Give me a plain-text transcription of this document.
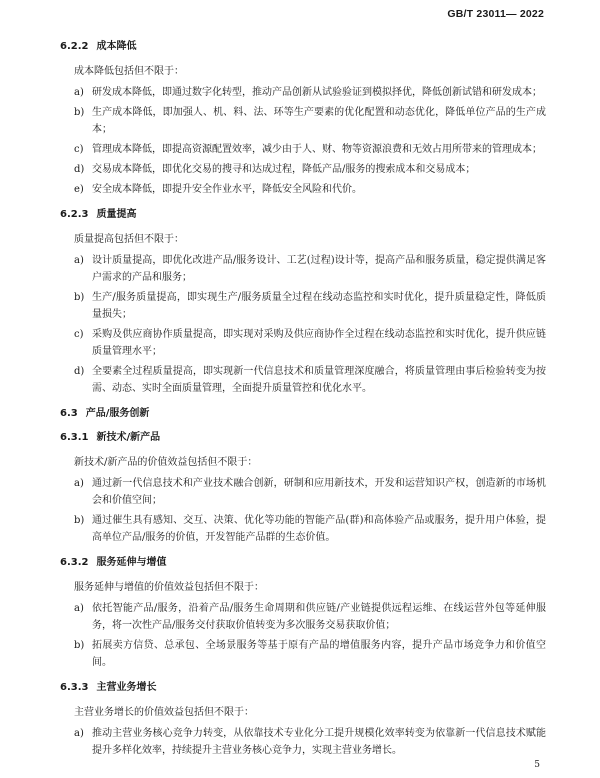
GB/T 23011— 2022
6.2.2 成本降低
成本降低包括但不限于：
a) 研发成本降低，即通过数字化转型，推动产品创新从试验验证到模拟择优，降低创新试错和研发成本；
b) 生产成本降低，即加强人、机、料、法、环等生产要素的优化配置和动态优化，降低单位产品的生产成本；
c) 管理成本降低，即提高资源配置效率，减少由于人、财、物等资源浪费和无效占用所带来的管理成本；
d) 交易成本降低，即优化交易的搜寻和达成过程，降低产品/服务的搜索成本和交易成本；
e) 安全成本降低，即提升安全作业水平，降低安全风险和代价。
6.2.3 质量提高
质量提高包括但不限于：
a) 设计质量提高，即优化改进产品/服务设计、工艺(过程)设计等，提高产品和服务质量，稳定提供满足客户需求的产品和服务；
b) 生产/服务质量提高，即实现生产/服务质量全过程在线动态监控和实时优化，提升质量稳定性，降低质量损失；
c) 采购及供应商协作质量提高，即实现对采购及供应商协作全过程在线动态监控和实时优化，提升供应链质量管理水平；
d) 全要素全过程质量提高，即实现新一代信息技术和质量管理深度融合，将质量管理由事后检验转变为按需、动态、实时全面质量管理，全面提升质量管控和优化水平。
6.3 产品/服务创新
6.3.1 新技术/新产品
新技术/新产品的价值效益包括但不限于：
a) 通过新一代信息技术和产业技术融合创新，研制和应用新技术，开发和运营知识产权，创造新的市场机会和价值空间；
b) 通过催生具有感知、交互、决策、优化等功能的智能产品(群)和高体验产品或服务，提升用户体验，提高单位产品/服务的价值，开发智能产品群的生态价值。
6.3.2 服务延伸与增值
服务延伸与增值的价值效益包括但不限于：
a) 依托智能产品/服务，沿着产品/服务生命周期和供应链/产业链提供远程运维、在线运营外包等延伸服务，将一次性产品/服务交付获取价值转变为多次服务交易获取价值；
b) 拓展卖方信贷、总承包、全场景服务等基于原有产品的增值服务内容，提升产品市场竞争力和价值空间。
6.3.3 主营业务增长
主营业务增长的价值效益包括但不限于：
a) 推动主营业务核心竞争力转变，从依靠技术专业化分工提升规模化效率转变为依靠新一代信息技术赋能提升多样化效率，持续提升主营业务核心竞争力，实现主营业务增长。
5
